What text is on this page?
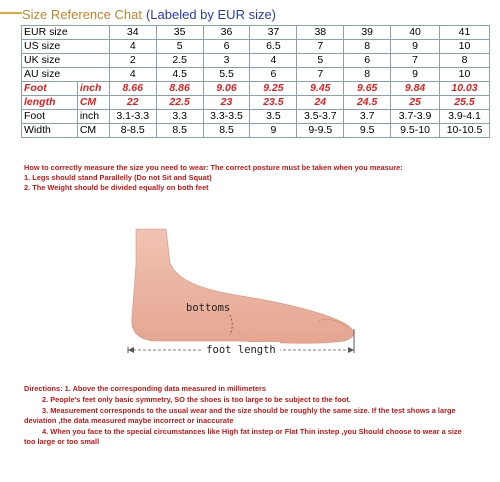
Size Reference Chat (Labeled by EUR size)
EUR size		34	35	36	37	38	39	40	41
US size		4	5	6	6.5	7	8	9	10
UK size		2	2.5	3	4	5	6	7	8
AU size		4	4.5	5.5	6	7	8	9	10
Foot	inch	8.66	8.86	9.06	9.25	9.45	9.65	9.84	10.03
length	CM	22	22.5	23	23.5	24	24.5	25	25.5
Foot	inch	3.1-3.3	3.3	3.3-3.5	3.5	3.5-3.7	3.7	3.7-3.9	3.9-4.1
Width	CM	8-8.5	8.5	8.5	9	9-9.5	9.5	9.5-10	10-10.5

How to correctly measure the size you need to wear: The correct posture must be taken when you measure:

1. Legs should stand Parallelly (Do not Sit and Squat)

2. The Weight should be divided equally on both feet

foot length
bottoms

Directions: 1. Above the corresponding data measured in millimeters

2. People's feet only basic symmetry, SO the shoes is too large to be subject to the foot.

3. Measurement corresponds to the usual wear and the size should be roughly the same size. If the test shows a large deviation ,the data measured maybe incorrect or inaccurate

4. When you face to the special circumstances like High fat instep or Flat Thin instep ,you Should choose to wear a size too large or too small
